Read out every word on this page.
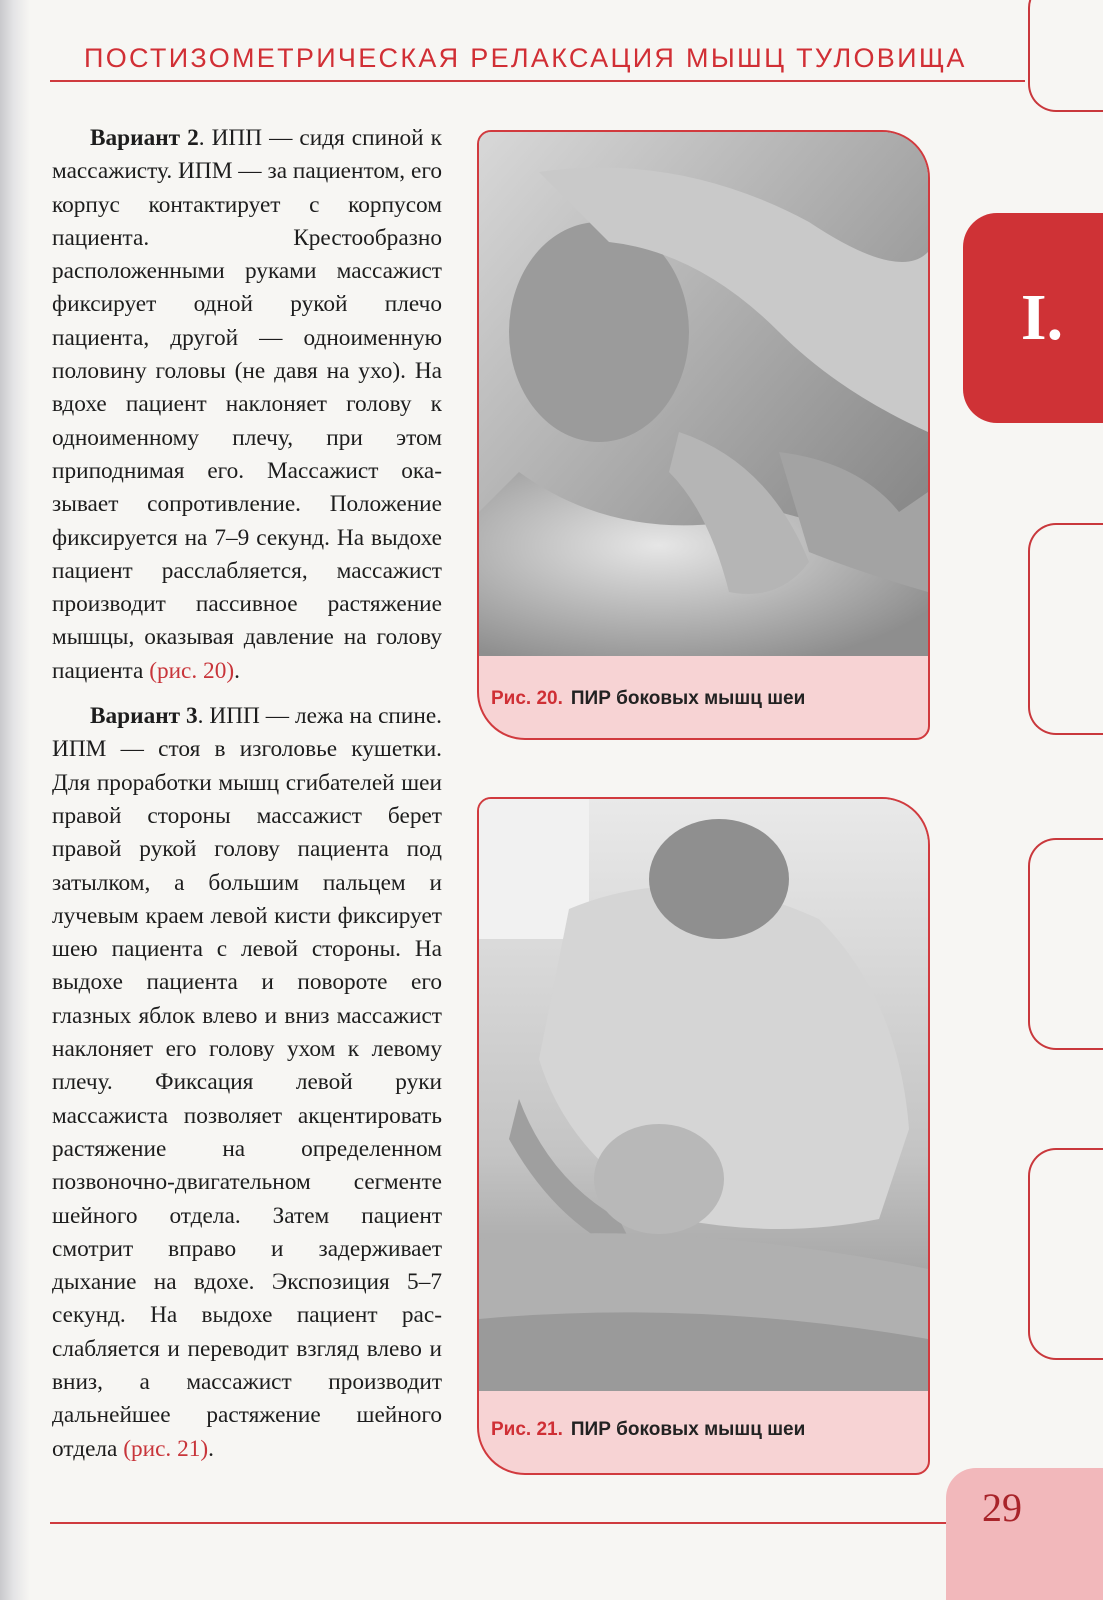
ПОСТИЗОМЕТРИЧЕСКАЯ РЕЛАКСАЦИЯ МЫШЦ ТУЛОВИЩА

Вариант 2. ИПП — сидя спиной к массажисту. ИПМ — за пациентом, его корпус контактирует с корпусом пациента. Крестообразно расположенными руками массажист фиксирует одной рукой плечо пациента, другой — одноименную половину головы (не давя на ухо). На вдохе пациент наклоняет голову к одноименному плечу, при этом приподнимая его. Массажист оказывает сопротивление. Положение фиксируется на 7–9 секунд. На выдохе пациент расслабляется, массажист производит пассивное растяжение мышцы, оказывая давление на голову пациента (рис. 20).

Вариант 3. ИПП — лежа на спине. ИПМ — стоя в изголовье кушетки. Для проработки мышц сгибателей шеи правой стороны массажист берет правой рукой голову пациента под затылком, а большим пальцем и лучевым краем левой кисти фиксирует шею пациента с левой стороны. На выдохе пациента и повороте его глазных яблок влево и вниз массажист наклоняет его голову ухом к левому плечу. Фиксация левой руки массажиста позволяет акцентировать растяжение на определенном позвоночно-двигательном сегменте шейного отдела. Затем пациент смотрит вправо и задерживает дыхание на вдохе. Экспозиция 5–7 секунд. На выдохе пациент расслабляется и переводит взгляд влево и вниз, а массажист производит дальнейшее растяжение шейного отдела (рис. 21).

Рис. 20. ПИР боковых мышц шеи
Рис. 21. ПИР боковых мышц шеи
I.
29
